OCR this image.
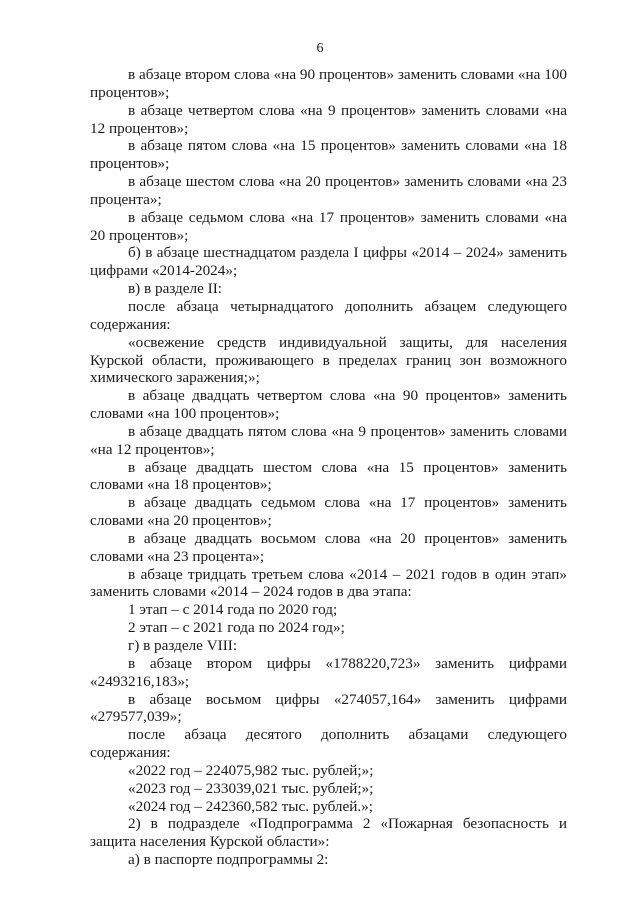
6

в абзаце втором слова «на 90 процентов» заменить словами «на 100 процентов»;

в абзаце четвертом слова «на 9 процентов» заменить словами «на 12 процентов»;

в абзаце пятом слова «на 15 процентов» заменить словами «на 18 процентов»;

в абзаце шестом слова «на 20 процентов» заменить словами «на 23 процента»;

в абзаце седьмом слова «на 17 процентов» заменить словами «на 20 процентов»;

б) в абзаце шестнадцатом раздела I цифры «2014 – 2024» заменить цифрами «2014-2024»;

в) в разделе II:

после абзаца четырнадцатого дополнить абзацем следующего содержания:

«освежение средств индивидуальной защиты, для населения Курской области, проживающего в пределах границ зон возможного химического заражения;»;

в абзаце двадцать четвертом слова «на 90 процентов» заменить словами «на 100 процентов»;

в абзаце двадцать пятом слова «на 9 процентов» заменить словами «на 12 процентов»;

в абзаце двадцать шестом слова «на 15 процентов» заменить словами «на 18 процентов»;

в абзаце двадцать седьмом слова «на 17 процентов» заменить словами «на 20 процентов»;

в абзаце двадцать восьмом слова «на 20 процентов» заменить словами «на 23 процента»;

в абзаце тридцать третьем слова «2014 – 2021 годов в один этап» заменить словами «2014 – 2024 годов в два этапа:

1 этап – с 2014 года по 2020 год;

2 этап – с 2021 года по 2024 год»;

г) в разделе VIII:

в абзаце втором цифры «1788220,723» заменить цифрами «2493216,183»;

в абзаце восьмом цифры «274057,164» заменить цифрами «279577,039»;

после абзаца десятого дополнить абзацами следующего содержания:

«2022 год – 224075,982 тыс. рублей;»;

«2023 год – 233039,021 тыс. рублей;»;

«2024 год – 242360,582 тыс. рублей.»;

2) в подразделе «Подпрограмма 2 «Пожарная безопасность и защита населения Курской области»:

а) в паспорте подпрограммы 2:
